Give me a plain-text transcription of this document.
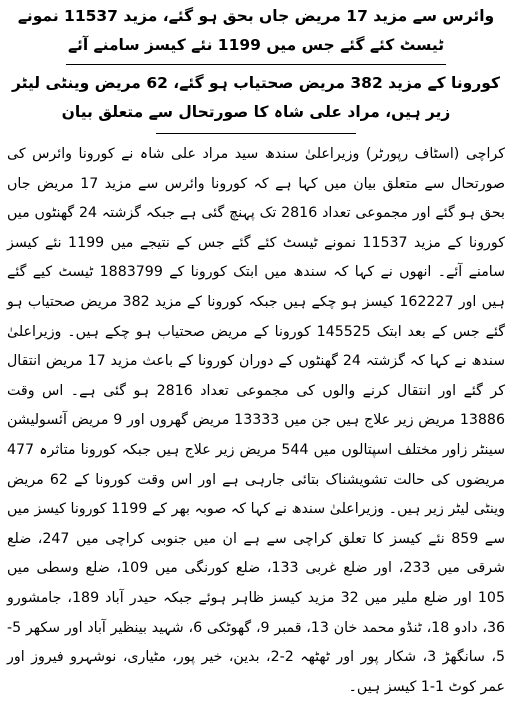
وائرس سے مزید 17 مریض جاں بحق ہو گئے، مزید 11537 نمونے ٹیسٹ کئے گئے جس میں 1199 نئے کیسز سامنے آئے

کورونا کے مزید 382 مریض صحتیاب ہو گئے، 62 مریض وینٹی لیٹر زیر ہیں، مراد علی شاہ کا صورتحال سے متعلق بیان

کراچی (اسٹاف رپورٹر) وزیراعلیٰ سندھ سید مراد علی شاہ نے کورونا وائرس کی صورتحال سے متعلق بیان میں کہا ہے کہ کورونا وائرس سے مزید 17 مریض جاں بحق ہو گئے اور مجموعی تعداد 2816 تک پہنچ گئی ہے جبکہ گزشتہ 24 گھنٹوں میں کورونا کے مزید 11537 نمونے ٹیسٹ کئے گئے جس کے نتیجے میں 1199 نئے کیسز سامنے آئے۔ انھوں نے کہا کہ سندھ میں ابتک کورونا کے 1883799 ٹیسٹ کیے گئے ہیں اور 162227 کیسز ہو چکے ہیں جبکہ کورونا کے مزید 382 مریض صحتیاب ہو گئے جس کے بعد ابتک 145525 کورونا کے مریض صحتیاب ہو چکے ہیں۔ وزیراعلیٰ سندھ نے کہا کہ گزشتہ 24 گھنٹوں کے دوران کورونا کے باعث مزید 17 مریض انتقال کر گئے اور انتقال کرنے والوں کی مجموعی تعداد 2816 ہو گئی ہے۔ اس وقت 13886 مریض زیر علاج ہیں جن میں 13333 مریض گھروں اور 9 مریض آئسولیشن سینٹر زاور مختلف اسپتالوں میں 544 مریض زیر علاج ہیں جبکہ کورونا متاثرہ 477 مریضوں کی حالت تشویشناک بتائی جارہی ہے اور اس وقت کورونا کے 62 مریض وینٹی لیٹر زیر ہیں۔ وزیراعلیٰ سندھ نے کہا کہ صوبہ بھر کے 1199 کورونا کیسز میں سے 859 نئے کیسز کا تعلق کراچی سے ہے ان میں جنوبی کراچی میں 247، ضلع شرقی میں 233، اور ضلع غربی 133، ضلع کورنگی میں 109، ضلع وسطی میں 105 اور ضلع ملیر میں 32 مزید کیسز ظاہر ہوئے جبکہ حیدر آباد 189، جامشورو 36، دادو 18، ٹنڈو محمد خان 13، قمبر 9، گھوٹکی 6، شہید بینظیر آباد اور سکھر 5-5، سانگھڑ 3، شکار پور اور ٹھٹھہ 2-2، بدین، خیر پور، مٹیاری، نوشہرو فیروز اور عمر کوٹ 1-1 کیسز ہیں۔
